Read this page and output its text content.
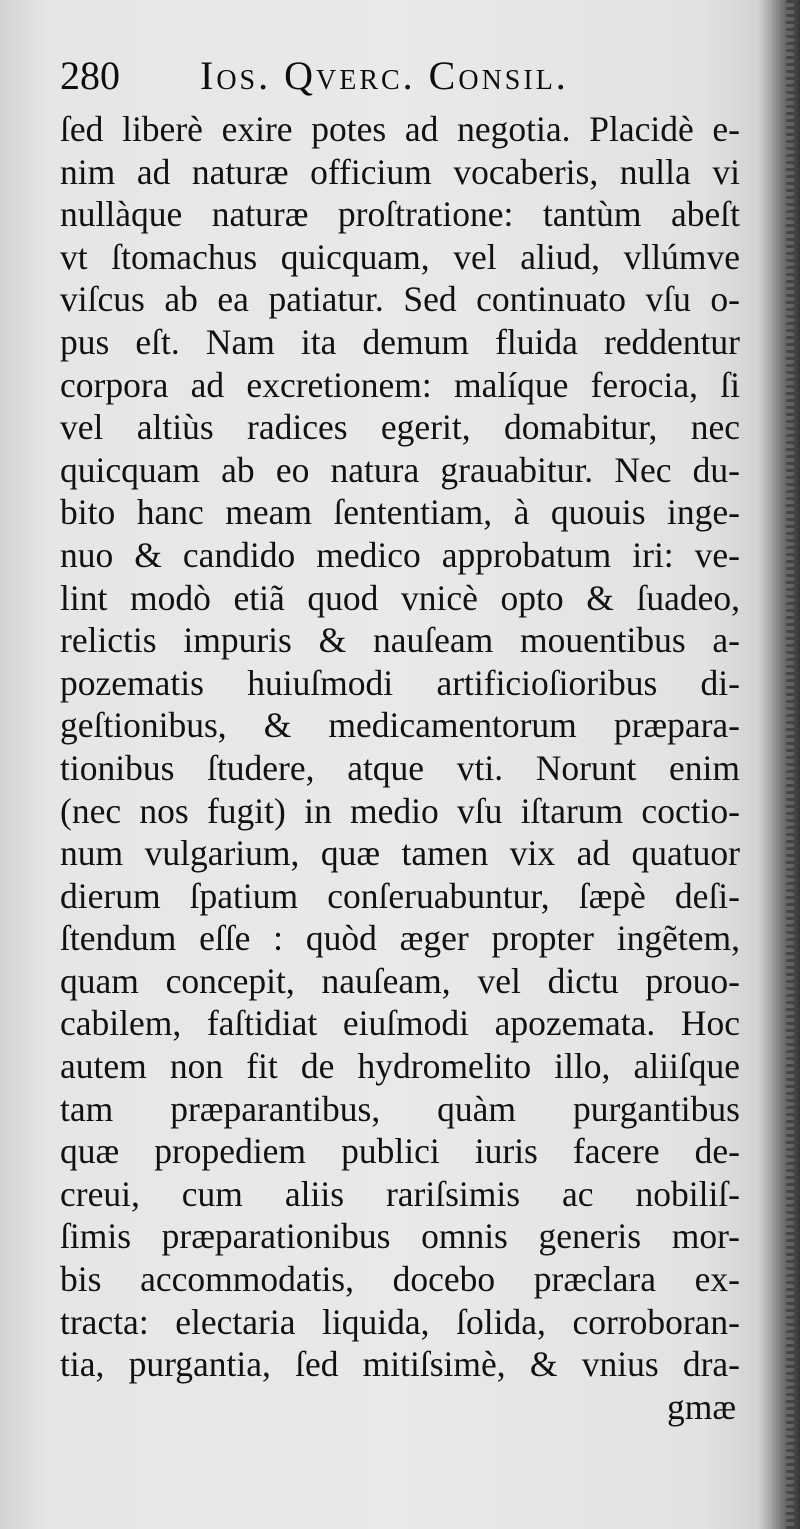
280 Ios. Qverc. Consil.
ſed liberè exire potes ad negotia. Placidè e-
nim ad naturæ officium vocaberis, nulla vi
nullàque naturæ proſtratione: tantùm abeſt
vt ſtomachus quicquam, vel aliud, vllúmve
viſcus ab ea patiatur. Sed continuato vſu o-
pus eſt. Nam ita demum fluida reddentur
corpora ad excretionem: malíque ferocia, ſi
vel altiùs radices egerit, domabitur, nec
quicquam ab eo natura grauabitur. Nec du-
bito hanc meam ſententiam, à quouis inge-
nuo & candido medico approbatum iri: ve-
lint modò etiã quod vnicè opto & ſuadeo,
relictis impuris & nauſeam mouentibus a-
pozematis huiuſmodi artificioſioribus di-
geſtionibus, & medicamentorum præpara-
tionibus ſtudere, atque vti. Norunt enim
(nec nos fugit) in medio vſu iſtarum coctio-
num vulgarium, quæ tamen vix ad quatuor
dierum ſpatium conſeruabuntur, ſæpè deſi-
ſtendum eſſe : quòd æger propter ingẽtem,
quam concepit, nauſeam, vel dictu prouo-
cabilem, faſtidiat eiuſmodi apozemata. Hoc
autem non fit de hydromelito illo, aliiſque
tam præparantibus, quàm purgantibus
quæ propediem publici iuris facere de-
creui, cum aliis rariſsimis ac nobiliſ-
ſimis præparationibus omnis generis mor-
bis accommodatis, docebo præclara ex-
tracta: electaria liquida, ſolida, corroboran-
tia, purgantia, ſed mitiſsimè, & vnius dra-
gmæ
